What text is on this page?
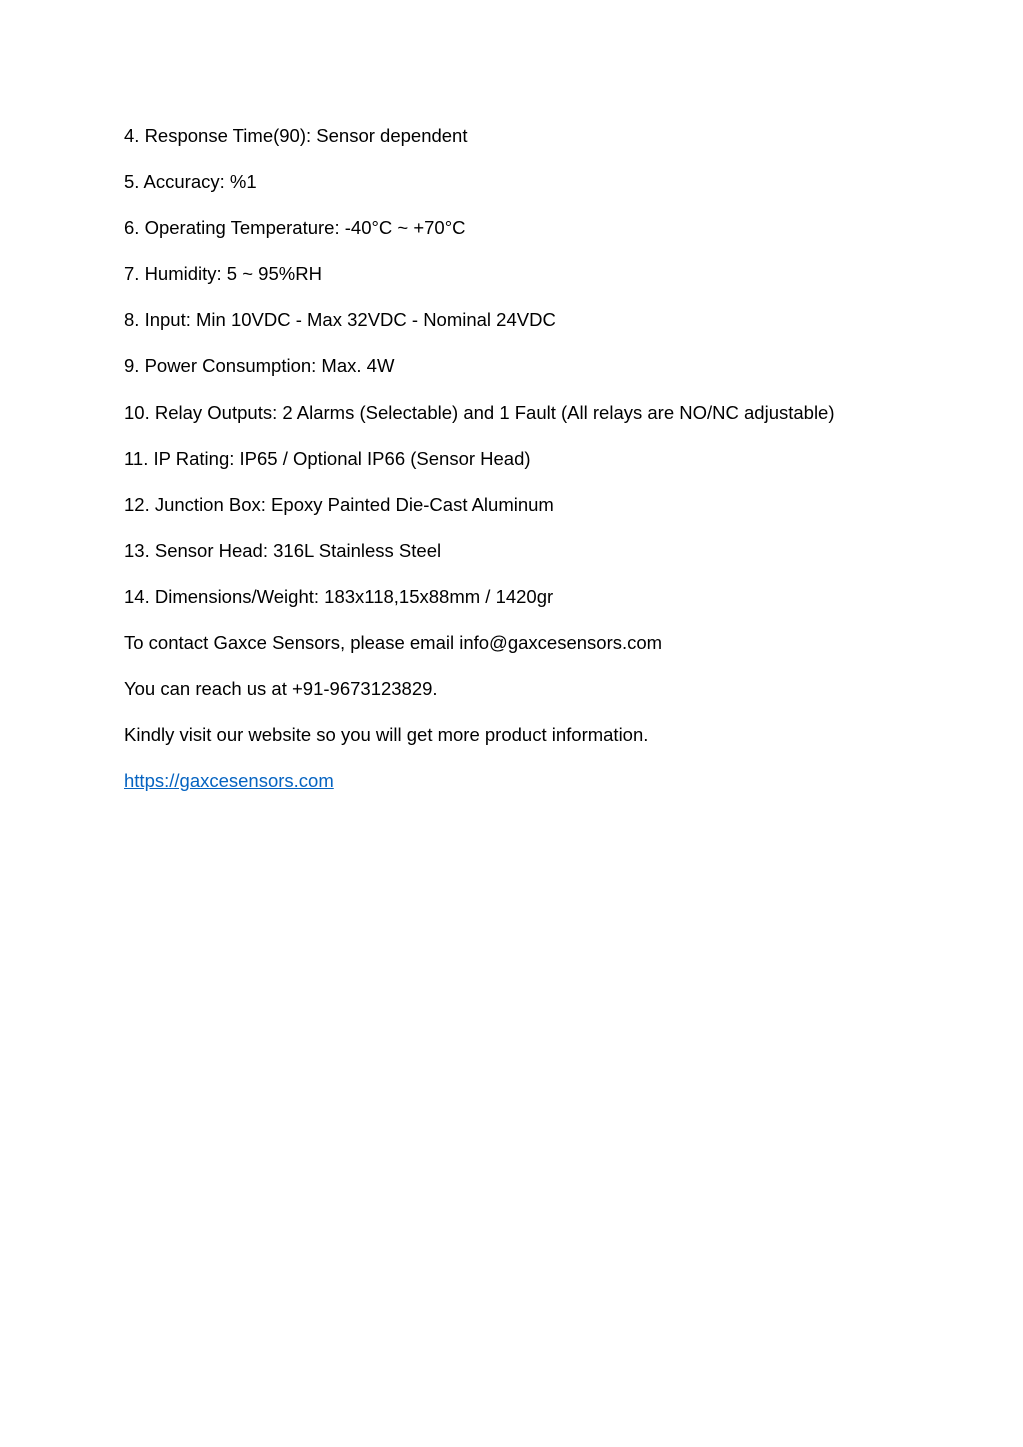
4. Response Time(90): Sensor dependent
5. Accuracy: %1
6. Operating Temperature: -40°C ~ +70°C
7. Humidity: 5 ~ 95%RH
8. Input: Min 10VDC - Max 32VDC - Nominal 24VDC
9. Power Consumption: Max. 4W
10. Relay Outputs: 2 Alarms (Selectable) and 1 Fault (All relays are NO/NC adjustable)
11. IP Rating: IP65 / Optional IP66 (Sensor Head)
12. Junction Box: Epoxy Painted Die-Cast Aluminum
13. Sensor Head: 316L Stainless Steel
14. Dimensions/Weight: 183x118,15x88mm / 1420gr
To contact Gaxce Sensors, please email info@gaxcesensors.com
You can reach us at +91-9673123829.
Kindly visit our website so you will get more product information.
https://gaxcesensors.com
